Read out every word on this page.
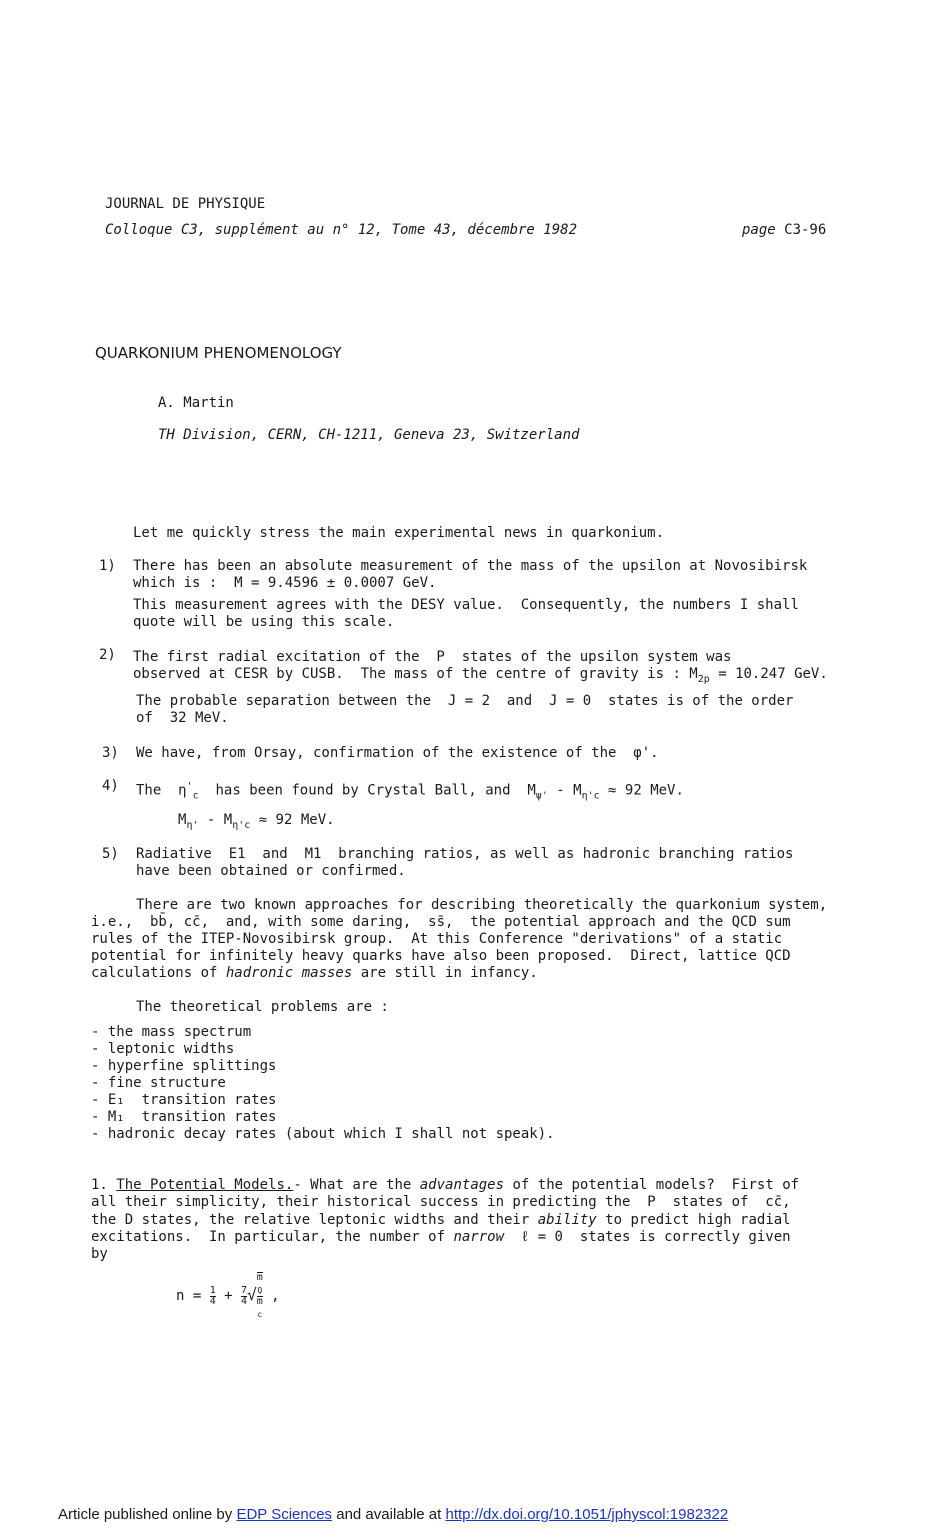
JOURNAL DE PHYSIQUE
Colloque C3, supplément au n° 12, Tome 43, décembre 1982	page C3-96
QUARKONIUM PHENOMENOLOGY
A. Martin
TH Division, CERN, CH-1211, Geneva 23, Switzerland
Let me quickly stress the main experimental news in quarkonium.
1) There has been an absolute measurement of the mass of the upsilon at Novosibirsk
which is :  M = 9.4596 ± 0.0007 GeV.
This measurement agrees with the DESY value.  Consequently, the numbers I shall
quote will be using this scale.
2) The first radial excitation of the  P  states of the upsilon system was
observed at CESR by CUSB.  The mass of the centre of gravity is : $M_{2p} = 10.247$ GeV.
The probable separation between the  J = 2  and  J = 0  states is of the order
of  32 MeV.
3) We have, from Orsay, confirmation of the existence of the  φ'.
4) The  $\eta'_c$  has been found by Crystal Ball, and  $M_{\psi'} - M_{\eta'c} \approx 92$ MeV.
$M_{\eta'} - M_{\eta'c} \approx 92$ MeV.
5) Radiative  E1  and  M1  branching ratios, as well as hadronic branching ratios
have been obtained or confirmed.
There are two known approaches for describing theoretically the quarkonium system,
i.e.,  bb̄, cc̄,  and, with some daring,  ss̄,  the potential approach and the QCD sum
rules of the ITEP-Novosibirsk group.  At this Conference "derivations" of a static
potential for infinitely heavy quarks have also been proposed.  Direct, lattice QCD
calculations of hadronic masses are still in infancy.
The theoretical problems are :
- the mass spectrum
- leptonic widths
- hyperfine splittings
- fine structure
- E₁  transition rates
- M₁  transition rates
- hadronic decay rates (about which I shall not speak).
1. The Potential Models.- What are the advantages of the potential models?  First of
all their simplicity, their historical success in predicting the  P  states of  cc̄,
the D states, the relative leptonic widths and their ability to predict high radial
excitations.  In particular, the number of narrow  ℓ = 0  states is correctly given
by
$n = \frac{1}{4} + \frac{7}{4}$ √ m
$_Q$
m
$_c$ ,
Article published online by EDP Sciences and available at http://dx.doi.org/10.1051/jphyscol:1982322
